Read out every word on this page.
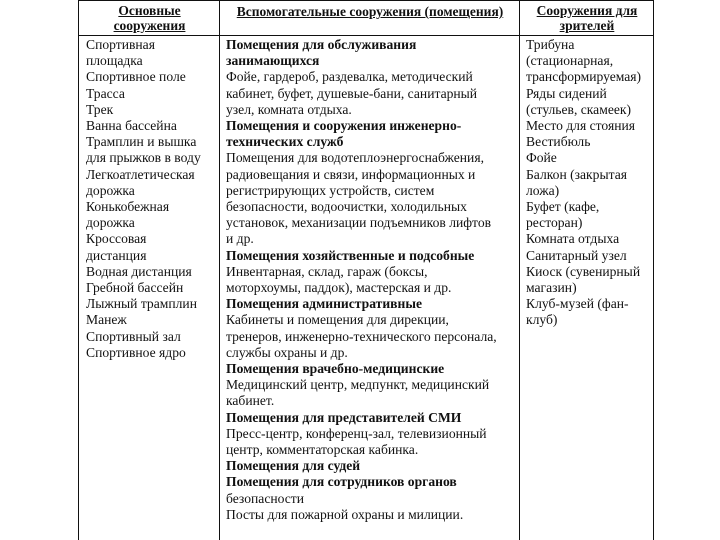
Основные
сооружения
Вспомогательные сооружения (помещения) Сооружения для
зрителей
Спортивная
площадка
Спортивное поле
Трасса
Трек
Ванна бассейна
Трамплин и вышка
для прыжков в воду
Легкоатлетическая
дорожка
Конькобежная
дорожка
Кроссовая
дистанция
Водная дистанция
Гребной бассейн
Лыжный трамплин
Манеж
Спортивный зал
Спортивное ядро
Помещения для обслуживания
занимающихся
Фойе, гардероб, раздевалка, методический
кабинет, буфет, душевые-бани, санитарный
узел, комната отдыха.
Помещения и сооружения инженерно-
технических служб
Помещения для водотеплоэнергоснабжения,
радиовещания и связи, информационных и
регистрирующих устройств, систем
безопасности, водоочистки, холодильных
установок, механизации подъемников лифтов
и др.
Помещения хозяйственные и подсобные
Инвентарная, склад, гараж (боксы,
моторхоумы, паддок), мастерская и др.
Помещения административные
Кабинеты и помещения для дирекции,
тренеров, инженерно-технического персонала,
службы охраны и др.
Помещения врачебно-медицинские
Медицинский центр, медпункт, медицинский
кабинет.
Помещения для представителей СМИ
Пресс-центр, конференц-зал, телевизионный
центр, комментаторская кабинка.
Помещения для судей
Помещения для сотрудников органов
безопасности
Посты для пожарной охраны и милиции.
Трибуна
(стационарная,
трансформируемая)
Ряды сидений
(стульев, скамеек)
Место для стояния
Вестибюль
Фойе
Балкон (закрытая
ложа)
Буфет (кафе,
ресторан)
Комната отдыха
Санитарный узел
Киоск (сувенирный
магазин)
Клуб-музей (фан-
клуб)
